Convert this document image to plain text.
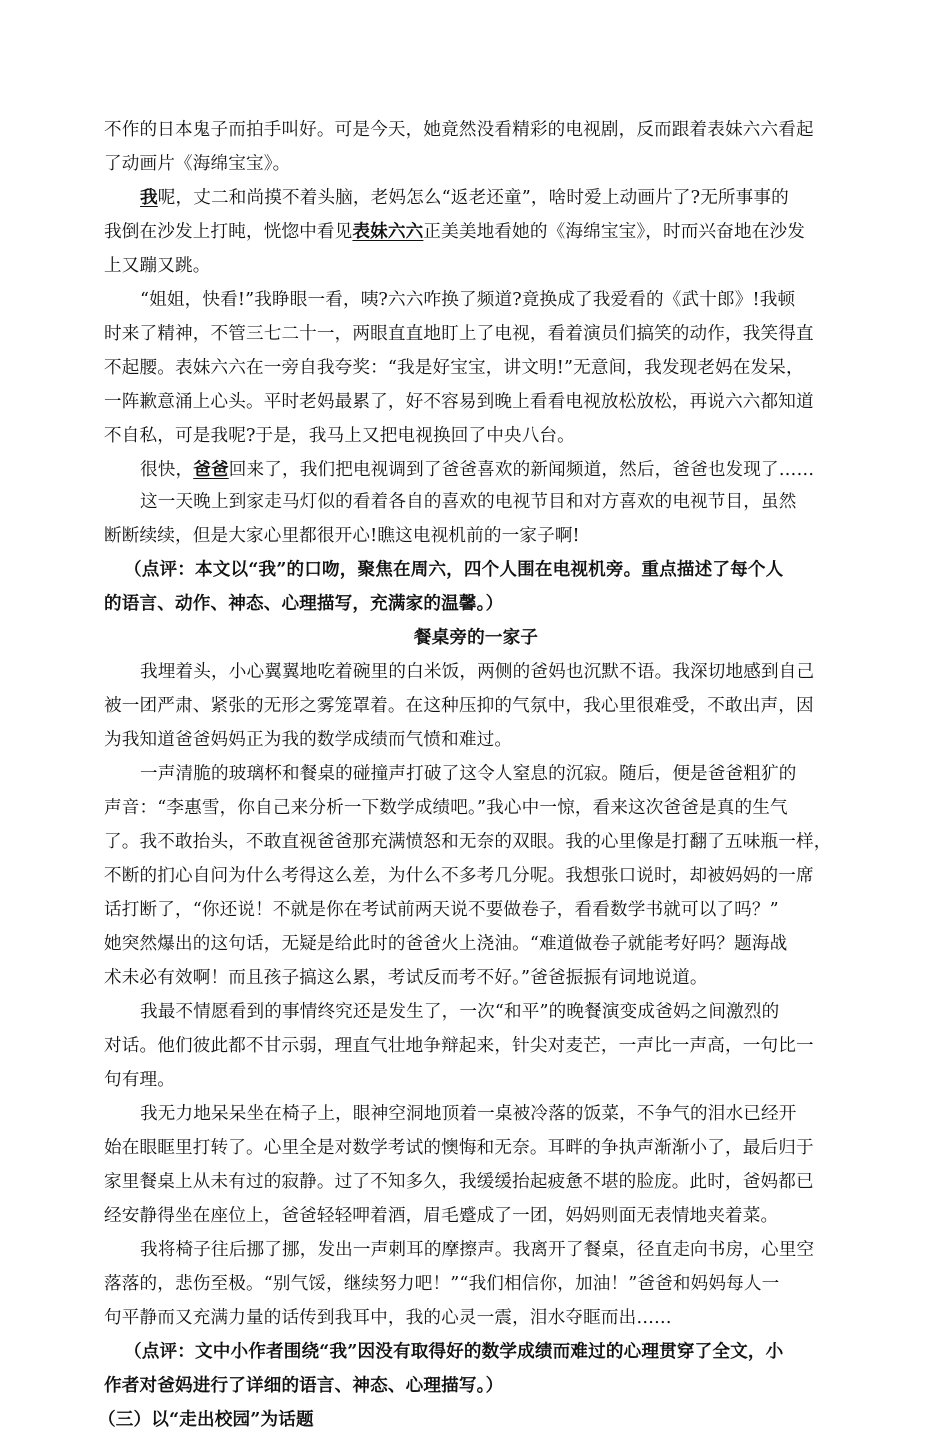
不作的日本鬼子而拍手叫好。可是今天，她竟然没看精彩的电视剧，反而跟着表妹六六看起
了动画片《海绵宝宝》。
我呢，丈二和尚摸不着头脑，老妈怎么“返老还童”，啥时爱上动画片了?无所事事的
我倒在沙发上打盹，恍惚中看见表妹六六正美美地看她的《海绵宝宝》，时而兴奋地在沙发
上又蹦又跳。
“姐姐，快看!”我睁眼一看，咦?六六咋换了频道?竟换成了我爱看的《武十郎》!我顿
时来了精神，不管三七二十一，两眼直直地盯上了电视，看着演员们搞笑的动作，我笑得直
不起腰。表妹六六在一旁自我夸奖：“我是好宝宝，讲文明!”无意间，我发现老妈在发呆，
一阵歉意涌上心头。平时老妈最累了，好不容易到晚上看看电视放松放松，再说六六都知道
不自私，可是我呢?于是，我马上又把电视换回了中央八台。
很快，爸爸回来了，我们把电视调到了爸爸喜欢的新闻频道，然后，爸爸也发现了……
这一天晚上到家走马灯似的看着各自的喜欢的电视节目和对方喜欢的电视节目，虽然
断断续续，但是大家心里都很开心!瞧这电视机前的一家子啊!
（点评：本文以“我”的口吻，聚焦在周六，四个人围在电视机旁。重点描述了每个人
的语言、动作、神态、心理描写，充满家的温馨。）
餐桌旁的一家子
我埋着头，小心翼翼地吃着碗里的白米饭，两侧的爸妈也沉默不语。我深切地感到自己
被一团严肃、紧张的无形之雾笼罩着。在这种压抑的气氛中，我心里很难受，不敢出声，因
为我知道爸爸妈妈正为我的数学成绩而气愤和难过。
一声清脆的玻璃杯和餐桌的碰撞声打破了这令人窒息的沉寂。随后，便是爸爸粗犷的
声音：“李惠雪，你自己来分析一下数学成绩吧。”我心中一惊，看来这次爸爸是真的生气
了。我不敢抬头，不敢直视爸爸那充满愤怒和无奈的双眼。我的心里像是打翻了五味瓶一样，
不断的扪心自问为什么考得这么差，为什么不多考几分呢。我想张口说时，却被妈妈的一席
话打断了，“你还说！不就是你在考试前两天说不要做卷子，看看数学书就可以了吗？”
她突然爆出的这句话，无疑是给此时的爸爸火上浇油。“难道做卷子就能考好吗？题海战
术未必有效啊！而且孩子搞这么累，考试反而考不好。”爸爸振振有词地说道。
我最不情愿看到的事情终究还是发生了，一次“和平”的晚餐演变成爸妈之间激烈的
对话。他们彼此都不甘示弱，理直气壮地争辩起来，针尖对麦芒，一声比一声高，一句比一
句有理。
我无力地呆呆坐在椅子上，眼神空洞地顶着一桌被冷落的饭菜，不争气的泪水已经开
始在眼眶里打转了。心里全是对数学考试的懊悔和无奈。耳畔的争执声渐渐小了，最后归于
家里餐桌上从未有过的寂静。过了不知多久，我缓缓抬起疲惫不堪的脸庞。此时，爸妈都已
经安静得坐在座位上，爸爸轻轻呷着酒，眉毛蹙成了一团，妈妈则面无表情地夹着菜。
我将椅子往后挪了挪，发出一声刺耳的摩擦声。我离开了餐桌，径直走向书房，心里空
落落的，悲伤至极。“别气馁，继续努力吧！”“我们相信你，加油！”爸爸和妈妈每人一
句平静而又充满力量的话传到我耳中，我的心灵一震，泪水夺眶而出……
（点评：文中小作者围绕“我”因没有取得好的数学成绩而难过的心理贯穿了全文，小
作者对爸妈进行了详细的语言、神态、心理描写。）
（三）以“走出校园”为话题
